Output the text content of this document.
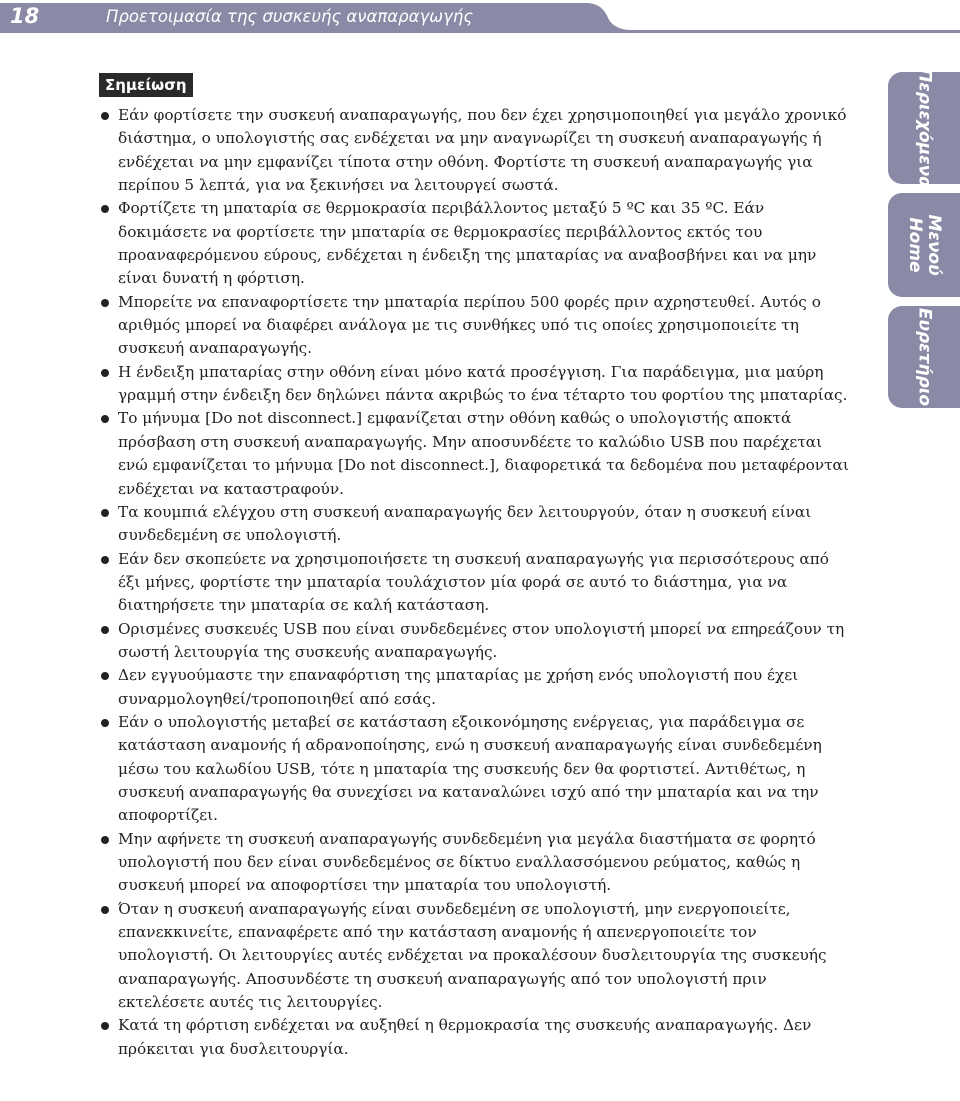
18	Προετοιμασία της συσκευής αναπαραγωγής
Σημείωση
Εάν φορτίσετε την συσκευή αναπαραγωγής, που δεν έχει χρησιμοποιηθεί για μεγάλο χρονικό διάστημα, ο υπολογιστής σας ενδέχεται να μην αναγνωρίζει τη συσκευή αναπαραγωγής ή ενδέχεται να μην εμφανίζει τίποτα στην οθόνη. Φορτίστε τη συσκευή αναπαραγωγής για περίπου 5 λεπτά, για να ξεκινήσει να λειτουργεί σωστά.
Φορτίζετε τη μπαταρία σε θερμοκρασία περιβάλλοντος μεταξύ 5 ºC και 35 ºC. Εάν δοκιμάσετε να φορτίσετε την μπαταρία σε θερμοκρασίες περιβάλλοντος εκτός του προαναφερόμενου εύρους, ενδέχεται η ένδειξη της μπαταρίας να αναβοσβήνει και να μην είναι δυνατή η φόρτιση.
Μπορείτε να επαναφορτίσετε την μπαταρία περίπου 500 φορές πριν αχρηστευθεί. Αυτός ο αριθμός μπορεί να διαφέρει ανάλογα με τις συνθήκες υπό τις οποίες χρησιμοποιείτε τη συσκευή αναπαραγωγής.
Η ένδειξη μπαταρίας στην οθόνη είναι μόνο κατά προσέγγιση. Για παράδειγμα, μια μαύρη γραμμή στην ένδειξη δεν δηλώνει πάντα ακριβώς το ένα τέταρτο του φορτίου της μπαταρίας.
Το μήνυμα [Do not disconnect.] εμφανίζεται στην οθόνη καθώς ο υπολογιστής αποκτά πρόσβαση στη συσκευή αναπαραγωγής. Μην αποσυνδέετε το καλώδιο USB που παρέχεται ενώ εμφανίζεται το μήνυμα [Do not disconnect.], διαφορετικά τα δεδομένα που μεταφέρονται ενδέχεται να καταστραφούν.
Τα κουμπιά ελέγχου στη συσκευή αναπαραγωγής δεν λειτουργούν, όταν η συσκευή είναι συνδεδεμένη σε υπολογιστή.
Εάν δεν σκοπεύετε να χρησιμοποιήσετε τη συσκευή αναπαραγωγής για περισσότερους από έξι μήνες, φορτίστε την μπαταρία τουλάχιστον μία φορά σε αυτό το διάστημα, για να διατηρήσετε την μπαταρία σε καλή κατάσταση.
Ορισμένες συσκευές USB που είναι συνδεδεμένες στον υπολογιστή μπορεί να επηρεάζουν τη σωστή λειτουργία της συσκευής αναπαραγωγής.
Δεν εγγυούμαστε την επαναφόρτιση της μπαταρίας με χρήση ενός υπολογιστή που έχει συναρμολογηθεί/τροποποιηθεί από εσάς.
Εάν ο υπολογιστής μεταβεί σε κατάσταση εξοικονόμησης ενέργειας, για παράδειγμα σε κατάσταση αναμονής ή αδρανοποίησης, ενώ η συσκευή αναπαραγωγής είναι συνδεδεμένη μέσω του καλωδίου USB, τότε η μπαταρία της συσκευής δεν θα φορτιστεί. Αντιθέτως, η συσκευή αναπαραγωγής θα συνεχίσει να καταναλώνει ισχύ από την μπαταρία και να την αποφορτίζει.
Μην αφήνετε τη συσκευή αναπαραγωγής συνδεδεμένη για μεγάλα διαστήματα σε φορητό υπολογιστή που δεν είναι συνδεδεμένος σε δίκτυο εναλλασσόμενου ρεύματος, καθώς η συσκευή μπορεί να αποφορτίσει την μπαταρία του υπολογιστή.
Όταν η συσκευή αναπαραγωγής είναι συνδεδεμένη σε υπολογιστή, μην ενεργοποιείτε, επανεκκινείτε, επαναφέρετε από την κατάσταση αναμονής ή απενεργοποιείτε τον υπολογιστή. Οι λειτουργίες αυτές ενδέχεται να προκαλέσουν δυσλειτουργία της συσκευής αναπαραγωγής. Αποσυνδέστε τη συσκευή αναπαραγωγής από τον υπολογιστή πριν εκτελέσετε αυτές τις λειτουργίες.
Κατά τη φόρτιση ενδέχεται να αυξηθεί η θερμοκρασία της συσκευής αναπαραγωγής. Δεν πρόκειται για δυσλειτουργία.
Περιεχόμενα
Μενού
Home
Ευρετήριο
